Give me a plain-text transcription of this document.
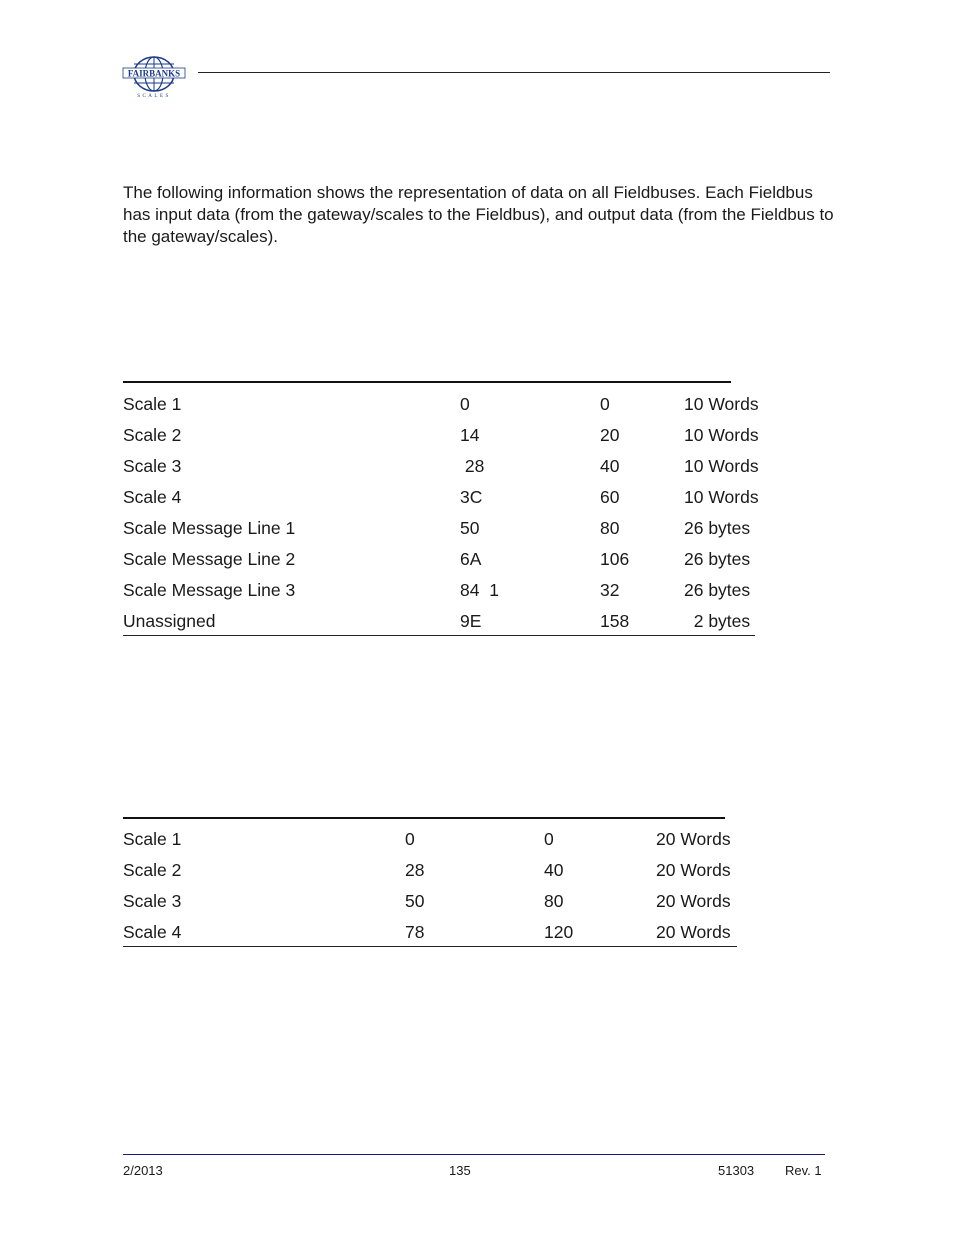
FAIRBANKS
SCALES

The following information shows the representation of data on all Fieldbuses. Each Fieldbus has input data (from the gateway/scales to the Fieldbus), and output data (from the Fieldbus to the gateway/scales).

Scale 1	0	0	10 Words
Scale 2	14	20	10 Words
Scale 3	28	40	10 Words
Scale 4	3C	60	10 Words
Scale Message Line 1	50	80	26 bytes
Scale Message Line 2	6A	106	26 bytes
Scale Message Line 3	84  1	32	26 bytes
Unassigned	9E	158	2 bytes
Scale 1	0	0	20 Words
Scale 2	28	40	20 Words
Scale 3	50	80	20 Words
Scale 4	78	120	20 Words
2/2013	135	51303 Rev. 1
